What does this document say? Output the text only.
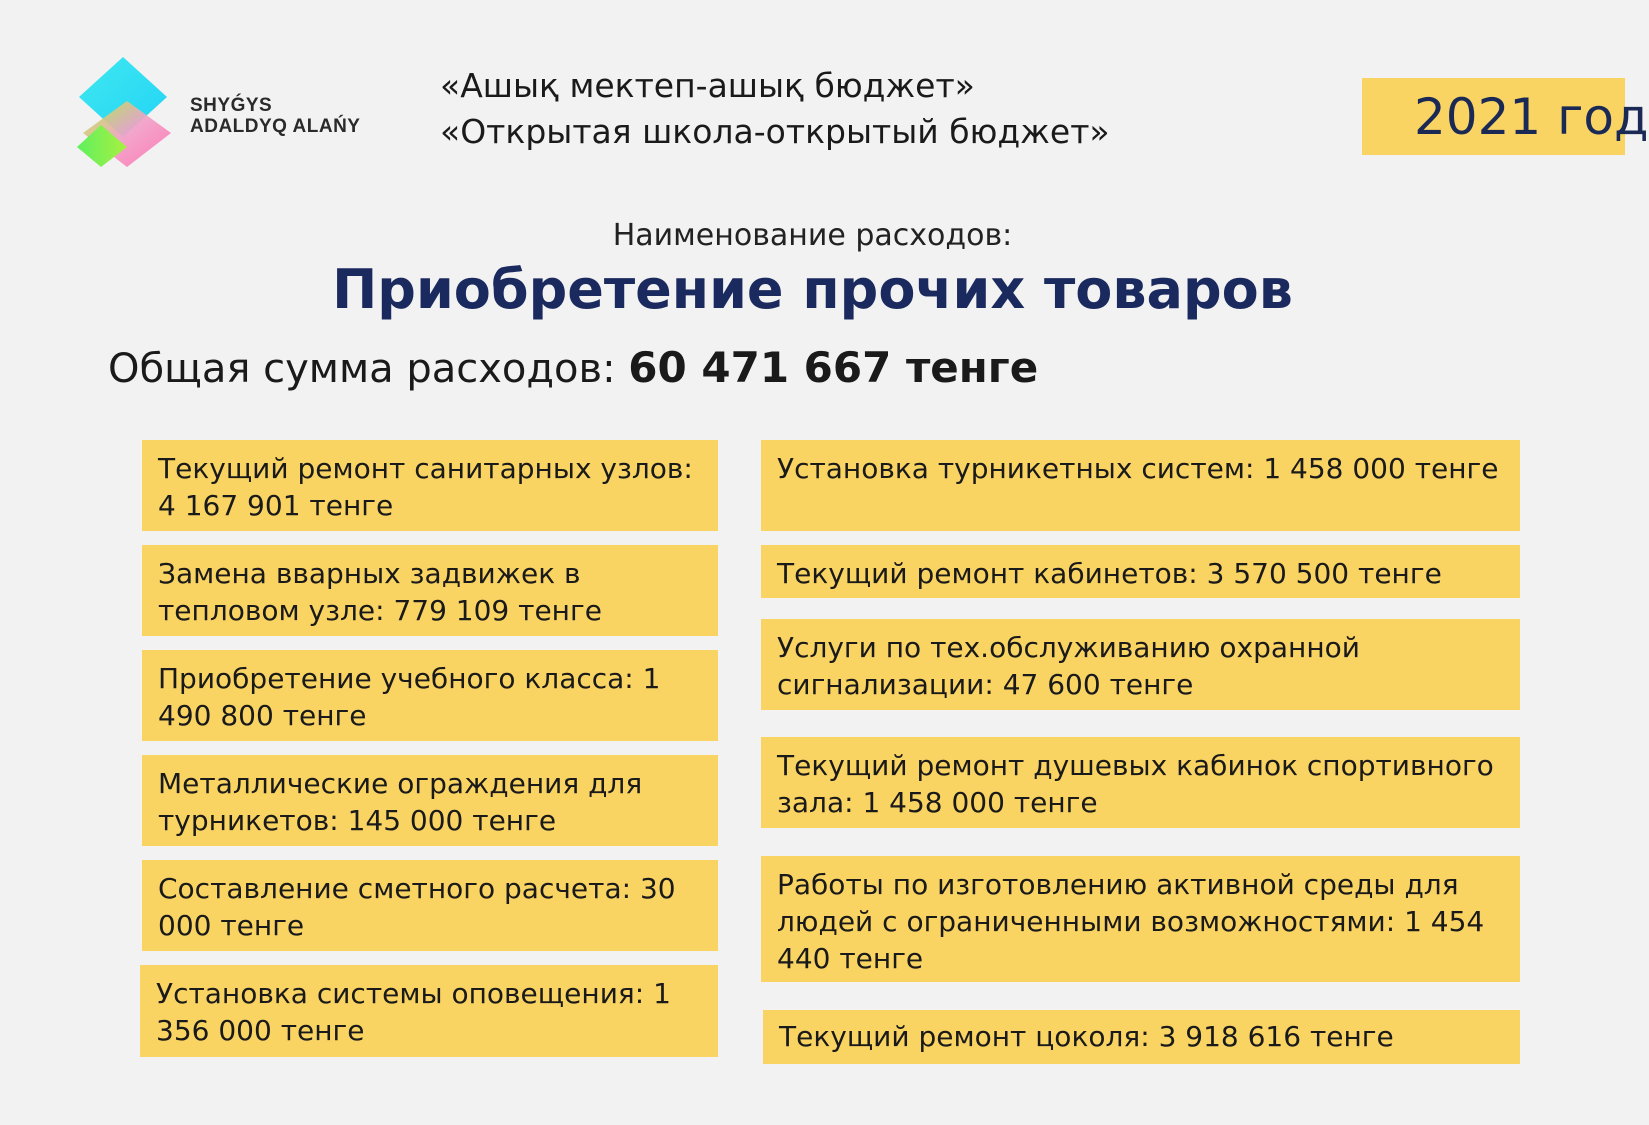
SHYǴYS
ADALDYQ ALAŃY
«Ашық мектеп-ашық бюджет»
«Открытая школа-открытый бюджет»	2021 год
Наименование расходов:
Приобретение прочих товаров
Общая сумма расходов: 60 471 667 тенге
Текущий ремонт санитарных узлов: 4 167 901 тенге
Замена вварных задвижек в тепловом узле: 779 109 тенге
Приобретение учебного класса: 1 490 800 тенге
Металлические ограждения для турникетов: 145 000 тенге
Составление сметного расчета: 30 000 тенге
Установка системы оповещения: 1 356 000 тенге
Установка турникетных систем: 1 458 000 тенге
Текущий ремонт кабинетов: 3 570 500 тенге
Услуги по тех.обслуживанию охранной сигнализации: 47 600 тенге
Текущий ремонт душевых кабинок спортивного зала: 1 458 000 тенге
Работы по изготовлению активной среды для людей с ограниченными возможностями: 1 454 440 тенге
Текущий ремонт цоколя: 3 918 616 тенге
